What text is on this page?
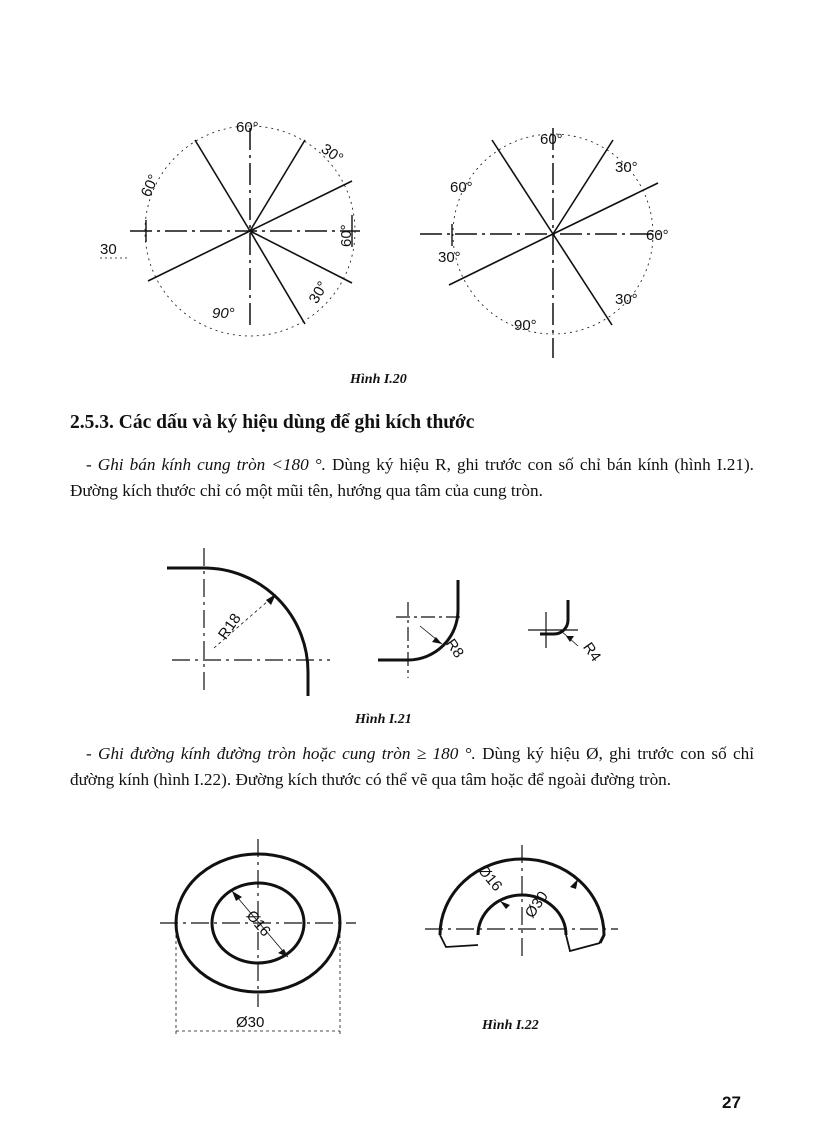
60°
30°
60°
60°
30
30°
90°
60°
30°
60°
60°
30°
30°
90°
Hình I.20
2.5.3. Các dấu và ký hiệu dùng để ghi kích thước
- Ghi bán kính cung tròn <180 °. Dùng ký hiệu R, ghi trước con số chỉ bán kính (hình I.21). Đường kích thước chỉ có một mũi tên, hướng qua tâm của cung tròn.
R18
R8	R4
Hình I.21
- Ghi đường kính đường tròn hoặc cung tròn ≥ 180 °. Dùng ký hiệu Ø, ghi trước con số chỉ đường kính (hình I.22). Đường kích thước có thể vẽ qua tâm hoặc để ngoài đường tròn.
Ø16
Ø30
Ø16
Ø30
Hình I.22
27
